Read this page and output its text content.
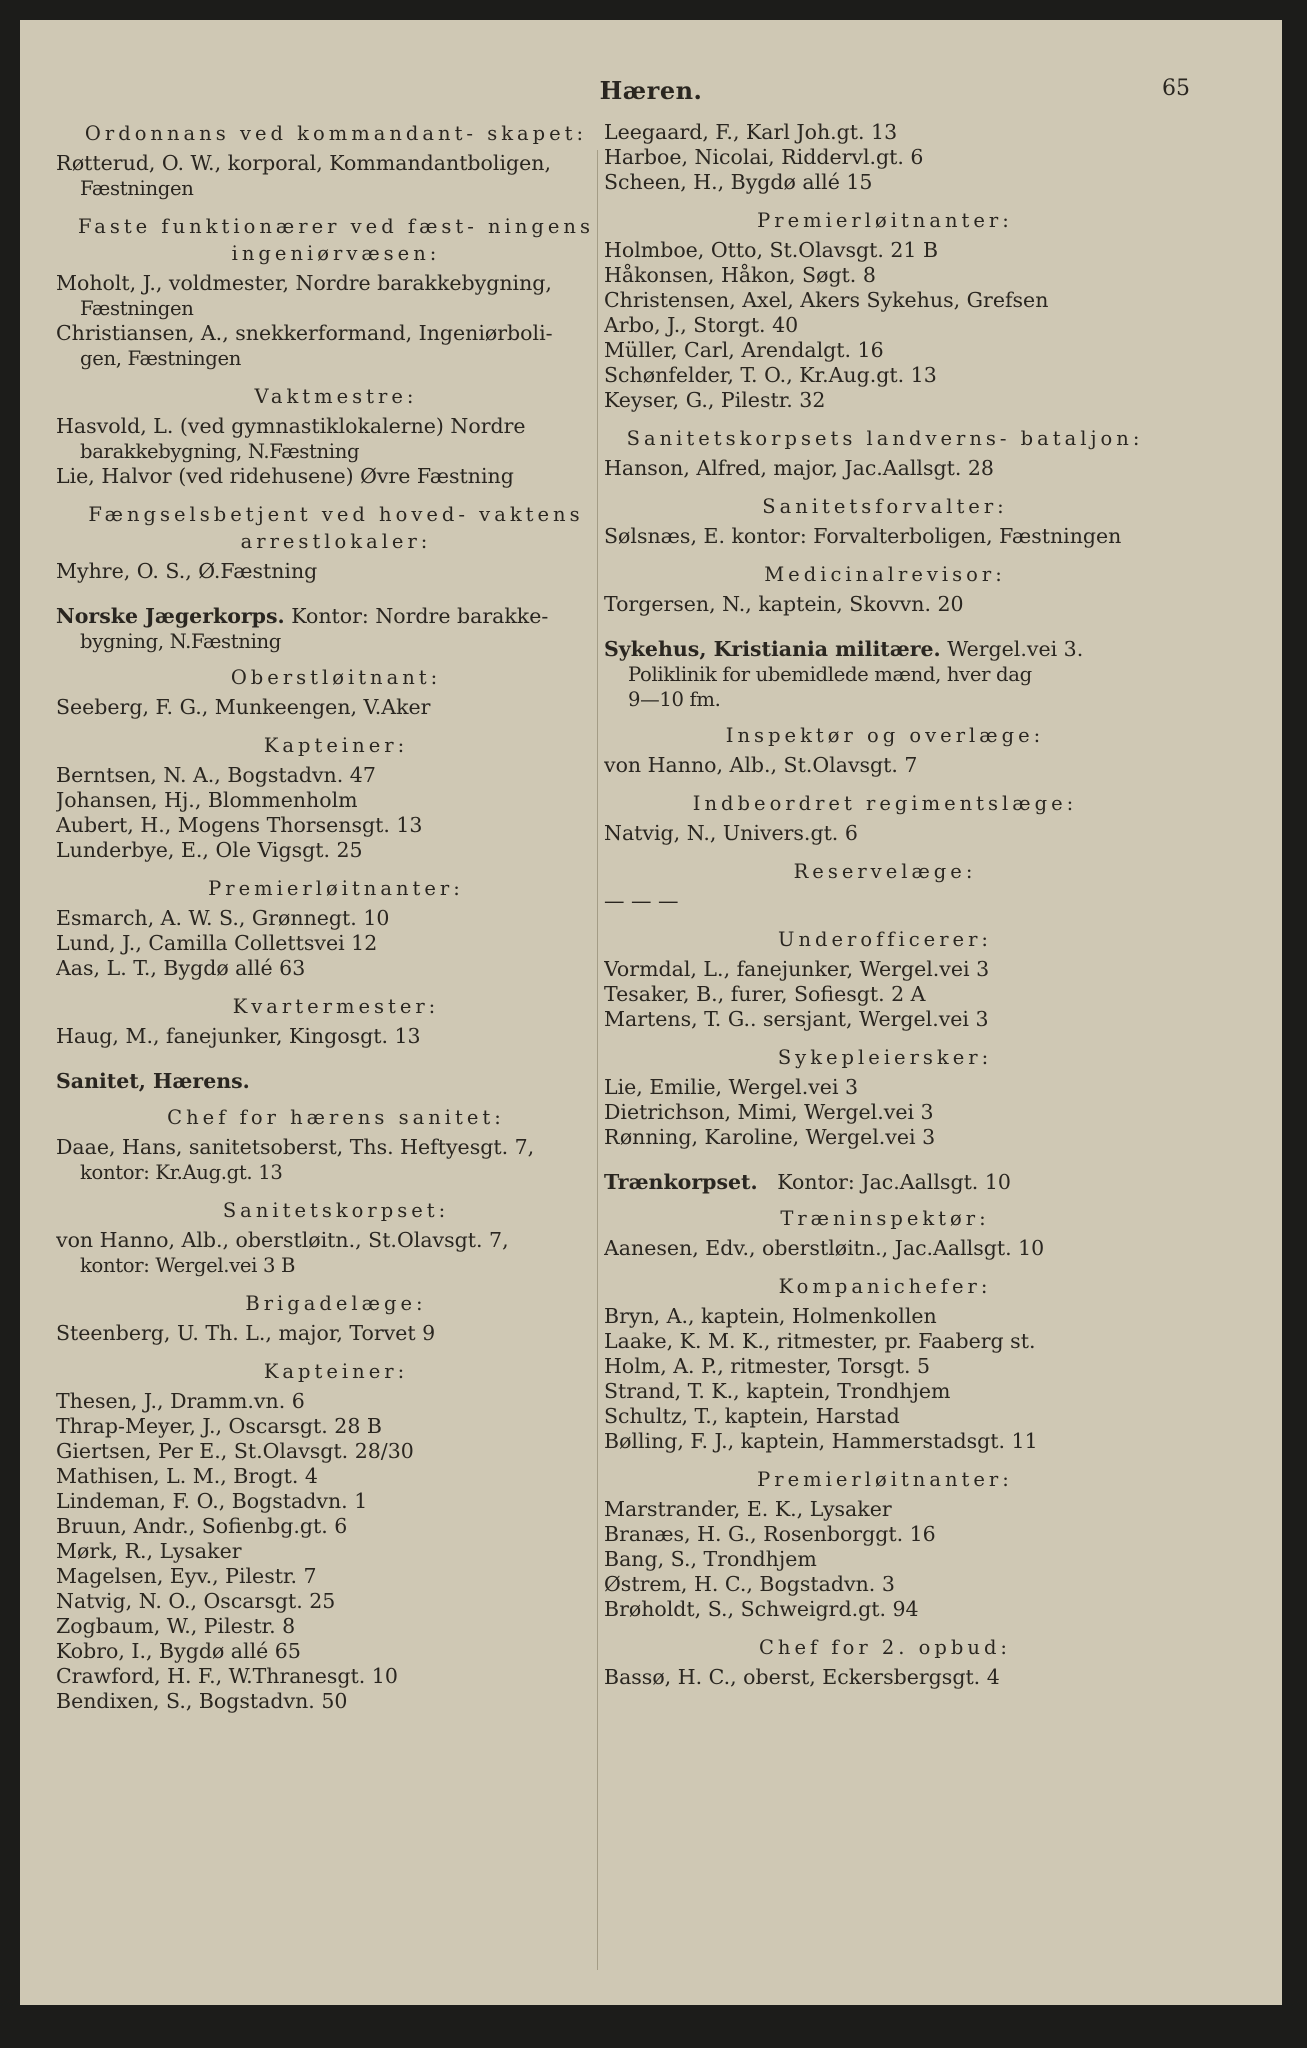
Hæren.	65
Ordonnans ved kommandant- skapet:
Røtterud, O. W., korporal, Kommandantboligen,
Fæstningen
Faste funktionærer ved fæst- ningens ingeniørvæsen:
Moholt, J., voldmester, Nordre barakkebygning,
Fæstningen
Christiansen, A., snekkerformand, Ingeniørboli-
gen, Fæstningen
Vaktmestre:
Hasvold, L. (ved gymnastiklokalerne) Nordre
barakkebygning, N.Fæstning
Lie, Halvor (ved ridehusene) Øvre Fæstning
Fængselsbetjent ved hoved- vaktens arrestlokaler:
Myhre, O. S., Ø.Fæstning
Norske Jægerkorps. Kontor: Nordre barakke-
bygning, N.Fæstning
Oberstløitnant:
Seeberg, F. G., Munkeengen, V.Aker
Kapteiner:
Berntsen, N. A., Bogstadvn. 47
Johansen, Hj., Blommenholm
Aubert, H., Mogens Thorsensgt. 13
Lunderbye, E., Ole Vigsgt. 25
Premierløitnanter:
Esmarch, A. W. S., Grønnegt. 10
Lund, J., Camilla Collettsvei 12
Aas, L. T., Bygdø allé 63
Kvartermester:
Haug, M., fanejunker, Kingosgt. 13
Sanitet, Hærens.
Chef for hærens sanitet:
Daae, Hans, sanitetsoberst, Ths. Heftyesgt. 7,
kontor: Kr.Aug.gt. 13
Sanitetskorpset:
von Hanno, Alb., oberstløitn., St.Olavsgt. 7,
kontor: Wergel.vei 3 B
Brigadelæge:
Steenberg, U. Th. L., major, Torvet 9
Kapteiner:
Thesen, J., Dramm.vn. 6
Thrap-Meyer, J., Oscarsgt. 28 B
Giertsen, Per E., St.Olavsgt. 28/30
Mathisen, L. M., Brogt. 4
Lindeman, F. O., Bogstadvn. 1
Bruun, Andr., Sofienbg.gt. 6
Mørk, R., Lysaker
Magelsen, Eyv., Pilestr. 7
Natvig, N. O., Oscarsgt. 25
Zogbaum, W., Pilestr. 8
Kobro, I., Bygdø allé 65
Crawford, H. F., W.Thranesgt. 10
Bendixen, S., Bogstadvn. 50
Leegaard, F., Karl Joh.gt. 13
Harboe, Nicolai, Riddervl.gt. 6
Scheen, H., Bygdø allé 15
Premierløitnanter:
Holmboe, Otto, St.Olavsgt. 21 B
Håkonsen, Håkon, Søgt. 8
Christensen, Axel, Akers Sykehus, Grefsen
Arbo, J., Storgt. 40
Müller, Carl, Arendalgt. 16
Schønfelder, T. O., Kr.Aug.gt. 13
Keyser, G., Pilestr. 32
Sanitetskorpsets landverns- bataljon:
Hanson, Alfred, major, Jac.Aallsgt. 28
Sanitetsforvalter:
Sølsnæs, E. kontor: Forvalterboligen, Fæstningen
Medicinalrevisor:
Torgersen, N., kaptein, Skovvn. 20
Sykehus, Kristiania militære. Wergel.vei 3.
Poliklinik for ubemidlede mænd, hver dag
9—10 fm.
Inspektør og overlæge:
von Hanno, Alb., St.Olavsgt. 7
Indbeordret regimentslæge:
Natvig, N., Univers.gt. 6
Reservelæge:
— — —
Underofficerer:
Vormdal, L., fanejunker, Wergel.vei 3
Tesaker, B., furer, Sofiesgt. 2 A
Martens, T. G.. sersjant, Wergel.vei 3
Sykepleiersker:
Lie, Emilie, Wergel.vei 3
Dietrichson, Mimi, Wergel.vei 3
Rønning, Karoline, Wergel.vei 3
Trænkorpset. Kontor: Jac.Aallsgt. 10
Træninspektør:
Aanesen, Edv., oberstløitn., Jac.Aallsgt. 10
Kompanichefer:
Bryn, A., kaptein, Holmenkollen
Laake, K. M. K., ritmester, pr. Faaberg st.
Holm, A. P., ritmester, Torsgt. 5
Strand, T. K., kaptein, Trondhjem
Schultz, T., kaptein, Harstad
Bølling, F. J., kaptein, Hammerstadsgt. 11
Premierløitnanter:
Marstrander, E. K., Lysaker
Branæs, H. G., Rosenborggt. 16
Bang, S., Trondhjem
Østrem, H. C., Bogstadvn. 3
Brøholdt, S., Schweigrd.gt. 94
Chef for 2. opbud:
Bassø, H. C., oberst, Eckersbergsgt. 4
